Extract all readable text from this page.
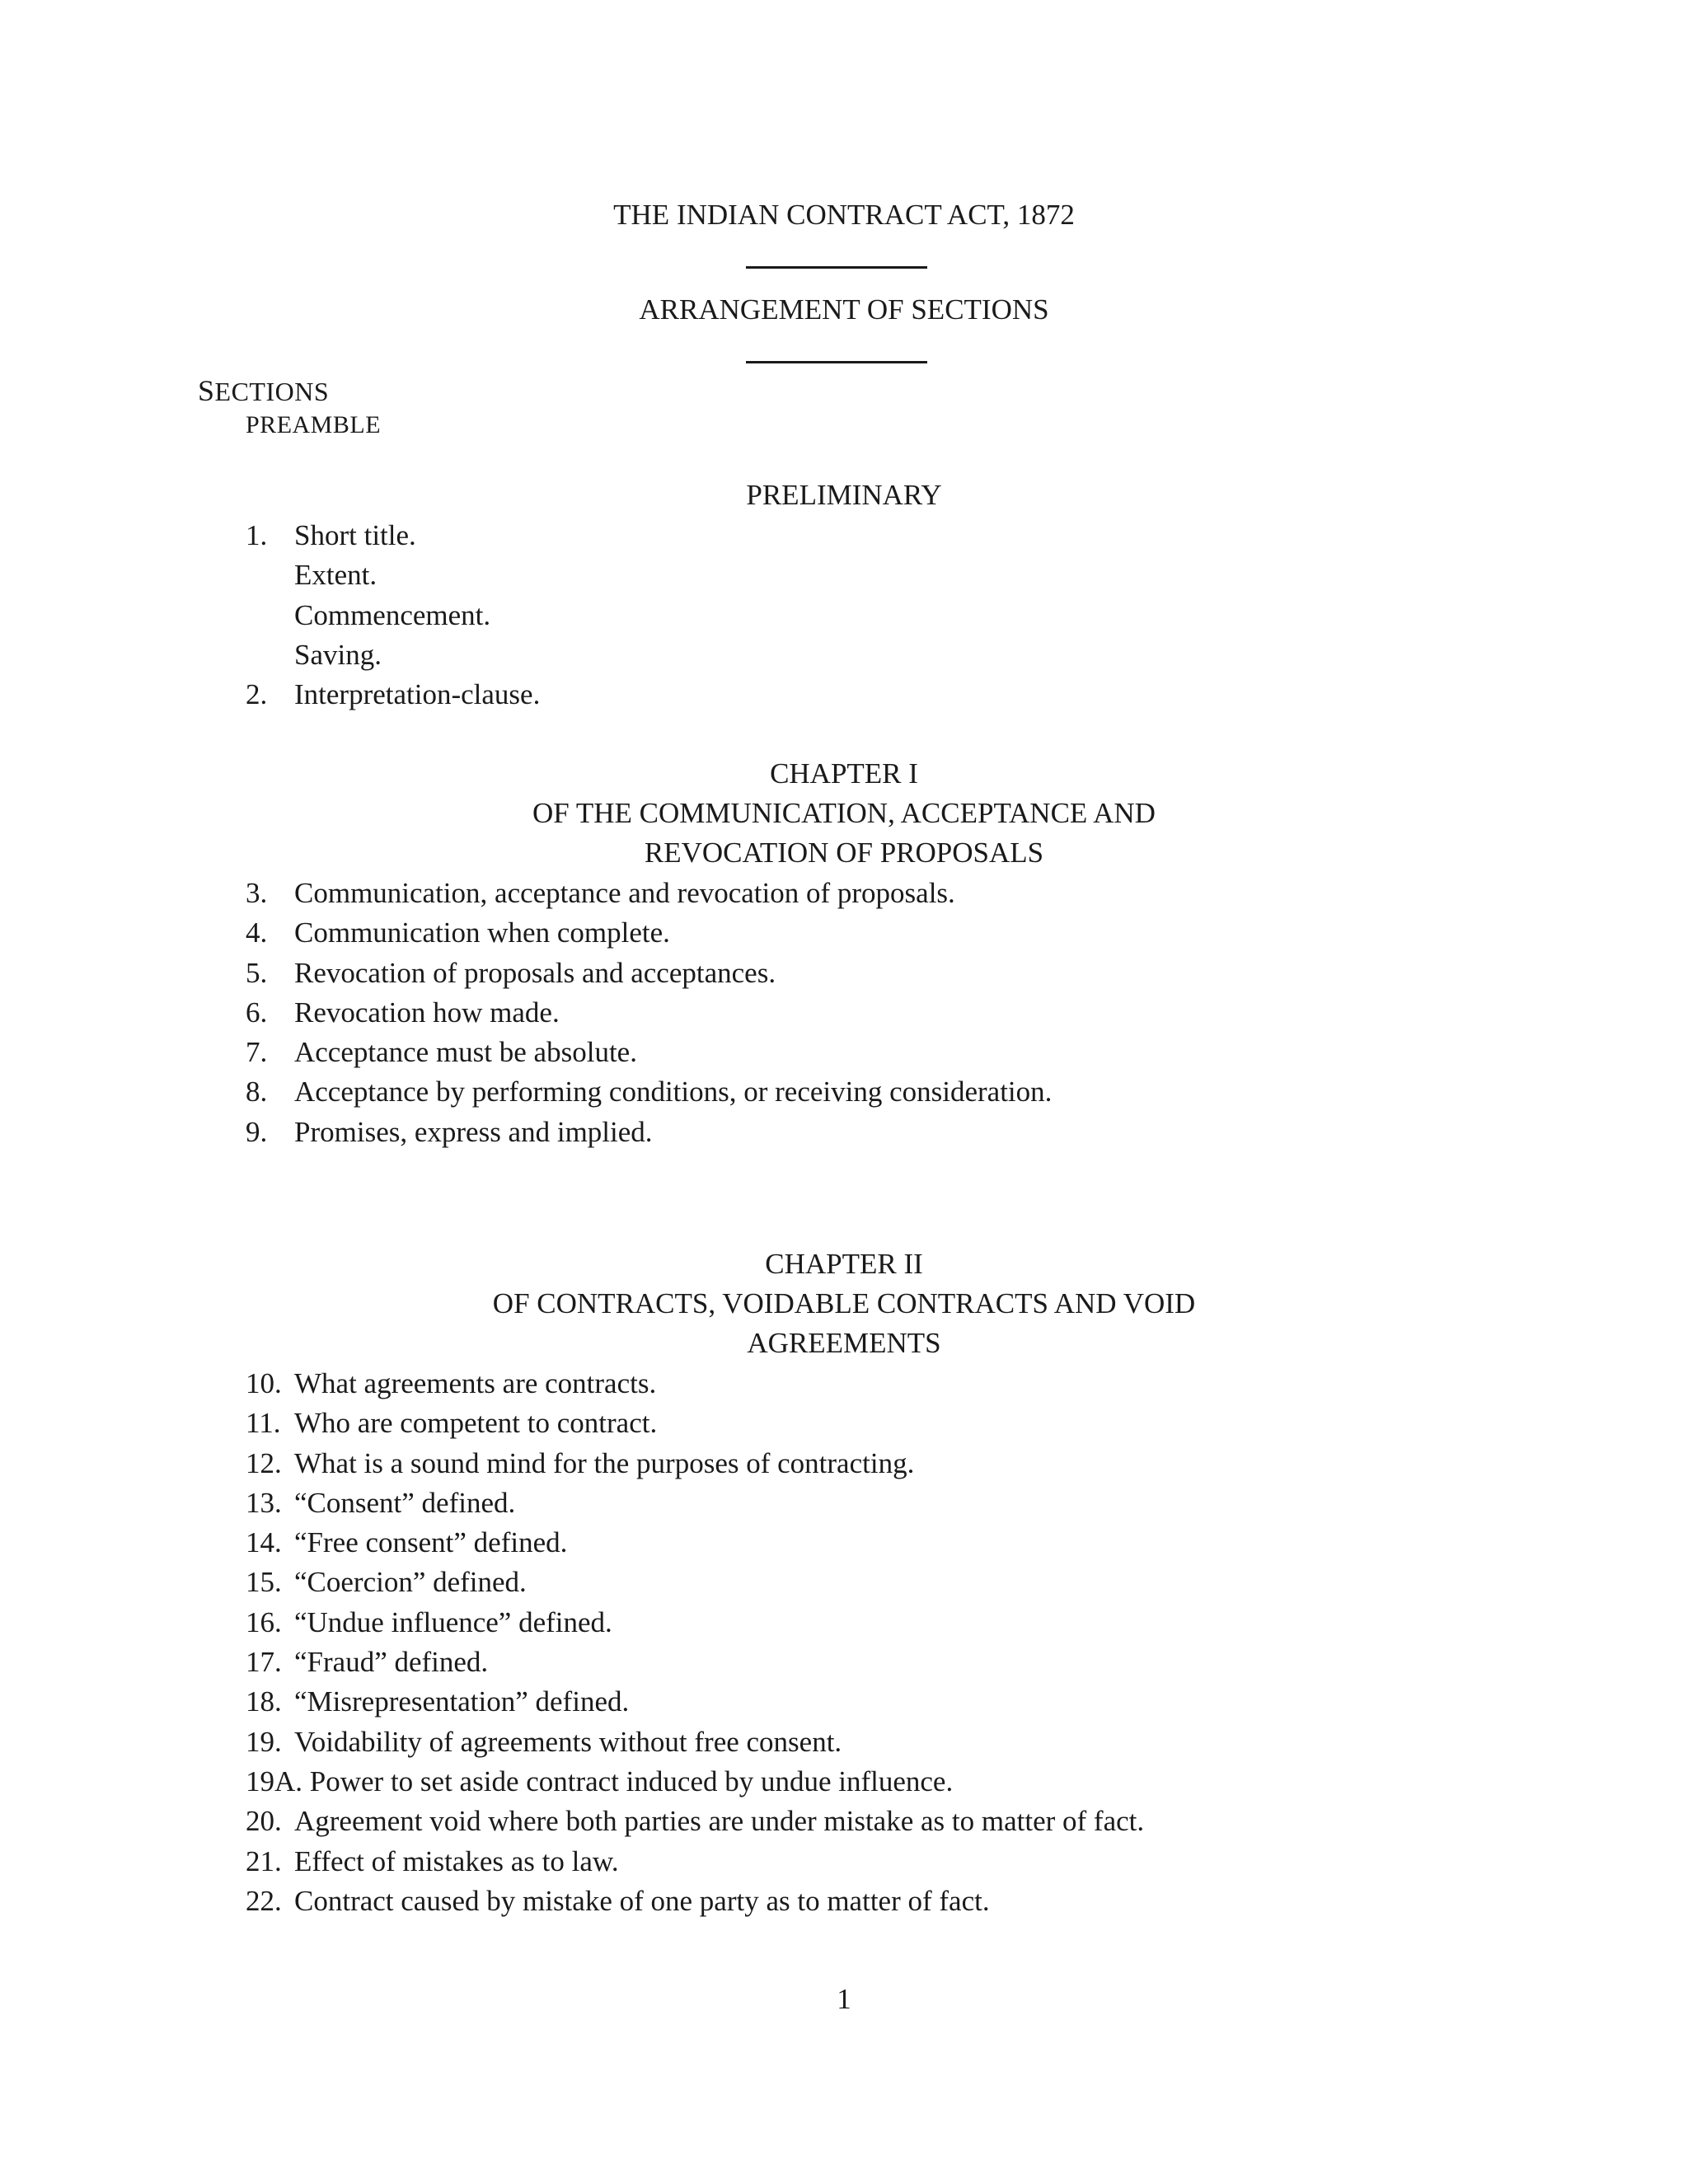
THE INDIAN CONTRACT ACT, 1872
ARRANGEMENT OF SECTIONS
SECTIONS
PREAMBLE
PRELIMINARY
1. Short title.
Extent.
Commencement.
Saving.
2. Interpretation-clause.
CHAPTER I
OF THE COMMUNICATION, ACCEPTANCE AND
REVOCATION OF PROPOSALS
3. Communication, acceptance and revocation of proposals.
4. Communication when complete.
5. Revocation of proposals and acceptances.
6. Revocation how made.
7. Acceptance must be absolute.
8. Acceptance by performing conditions, or receiving consideration.
9. Promises, express and implied.
CHAPTER II
OF CONTRACTS, VOIDABLE CONTRACTS AND VOID
AGREEMENTS
10. What agreements are contracts.
11. Who are competent to contract.
12. What is a sound mind for the purposes of contracting.
13. “Consent” defined.
14. “Free consent” defined.
15. “Coercion” defined.
16. “Undue influence” defined.
17. “Fraud” defined.
18. “Misrepresentation” defined.
19. Voidability of agreements without free consent.
19A. Power to set aside contract induced by undue influence.
20. Agreement void where both parties are under mistake as to matter of fact.
21. Effect of mistakes as to law.
22. Contract caused by mistake of one party as to matter of fact.
1
